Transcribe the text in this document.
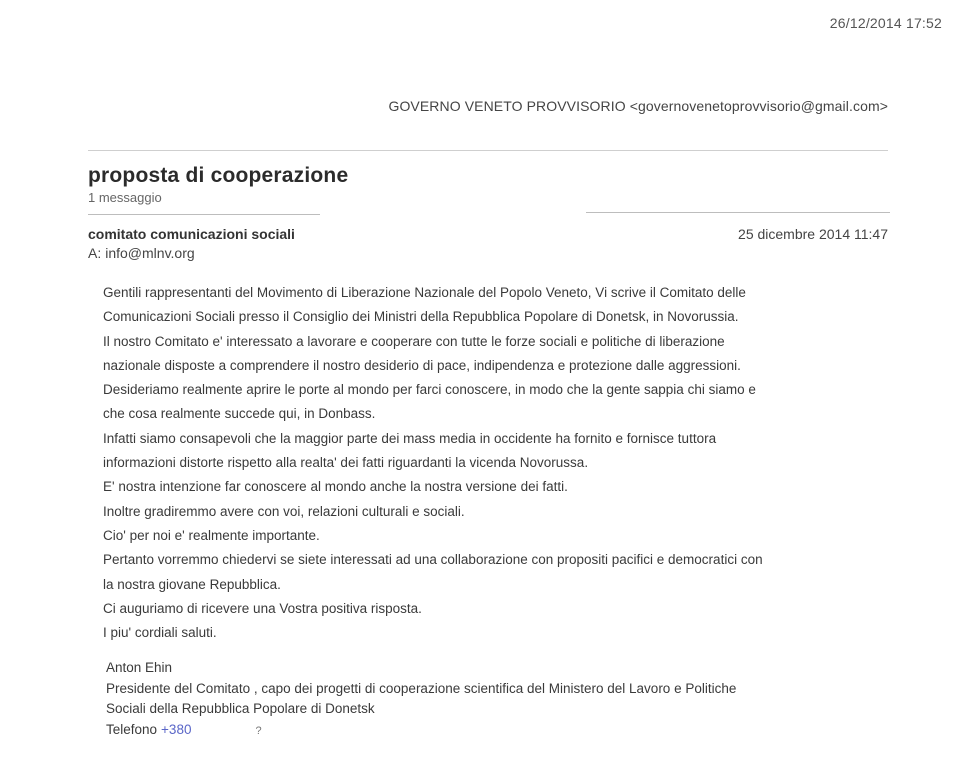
26/12/2014 17:52
GOVERNO VENETO PROVVISORIO <governovenetoprovvisorio@gmail.com>
proposta di cooperazione
1 messaggio
comitato comunicazioni sociali	25 dicembre 2014 11:47
A: info@mlnv.org
Gentili rappresentanti del Movimento di Liberazione Nazionale del Popolo Veneto, Vi scrive il Comitato delle
Comunicazioni Sociali presso il Consiglio dei Ministri della Repubblica Popolare di Donetsk, in Novorussia.
Il nostro Comitato e' interessato a lavorare e cooperare con tutte le forze sociali e politiche di liberazione
nazionale disposte a comprendere il nostro desiderio di pace, indipendenza e protezione dalle aggressioni.
Desideriamo realmente aprire le porte al mondo per farci conoscere, in modo che la gente sappia chi siamo e
che cosa realmente succede qui, in Donbass.
Infatti siamo consapevoli che la maggior parte dei mass media in occidente ha fornito e fornisce tuttora
informazioni distorte rispetto alla realta' dei fatti riguardanti la vicenda Novorussa.
E' nostra intenzione far conoscere al mondo anche la nostra versione dei fatti.
Inoltre gradiremmo avere con voi, relazioni culturali e sociali.
Cio' per noi e' realmente importante.
Pertanto vorremmo chiedervi se siete interessati ad una collaborazione con propositi pacifici e democratici con
la nostra giovane Repubblica.
Ci auguriamo di ricevere una Vostra positiva risposta.
I piu' cordiali saluti.
Anton Ehin
Presidente del Comitato , capo dei progetti di cooperazione scientifica del Ministero del Lavoro e Politiche
Sociali della Repubblica Popolare di Donetsk
Telefono +380	?
